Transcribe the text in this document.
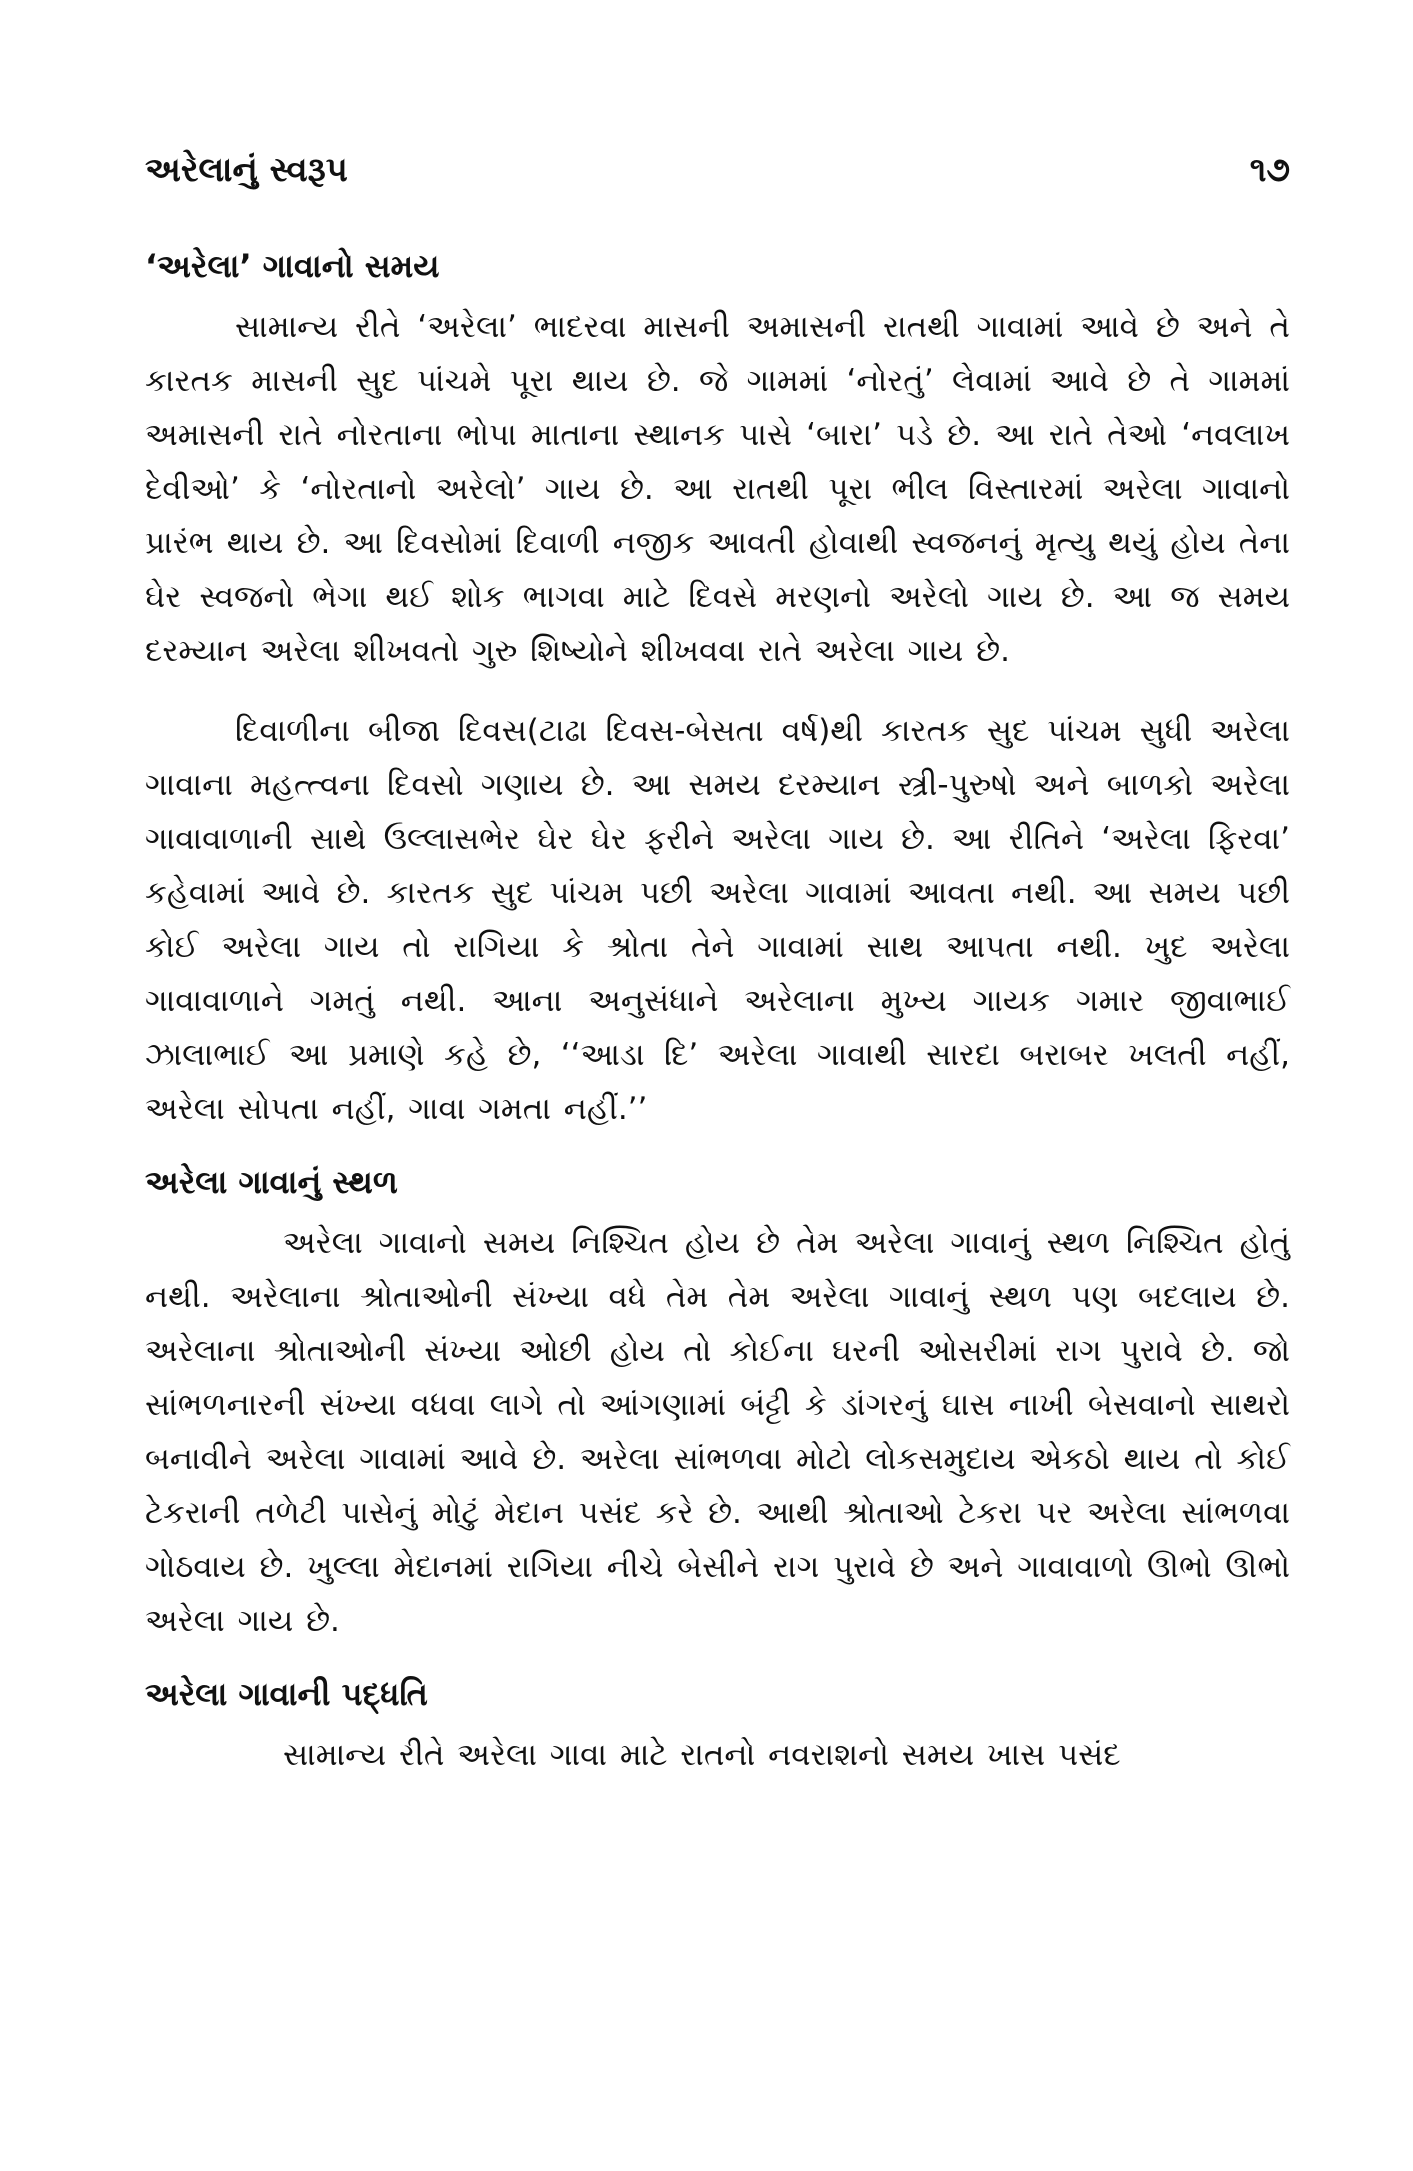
અરેલાનું સ્વરૂપ	૧૭
‘અરેલા’ ગાવાનો સમય

સામાન્ય રીતે ‘અરેલા’ ભાદરવા માસની અમાસની રાતથી ગાવામાં આવે છે અને તે કારતક માસની સુદ પાંચમે પૂરા થાય છે. જે ગામમાં ‘નોરતું’ લેવામાં આવે છે તે ગામમાં અમાસની રાતે નોરતાના ભોપા માતાના સ્થાનક પાસે ‘બારા’ પડે છે. આ રાતે તેઓ ‘નવલાખ દેવીઓ’ કે ‘નોરતાનો અરેલો’ ગાય છે. આ રાતથી પૂરા ભીલ વિસ્તારમાં અરેલા ગાવાનો પ્રારંભ થાય છે. આ દિવસોમાં દિવાળી નજીક આવતી હોવાથી સ્વજનનું મૃત્યુ થયું હોય તેના ઘેર સ્વજનો ભેગા થઈ શોક ભાગવા માટે દિવસે મરણનો અરેલો ગાય છે. આ જ સમય દરમ્યાન અરેલા શીખવતો ગુરુ શિષ્યોને શીખવવા રાતે અરેલા ગાય છે.

દિવાળીના બીજા દિવસ(ટાઢા દિવસ-બેસતા વર્ષ)થી કારતક સુદ પાંચમ સુધી અરેલા ગાવાના મહત્ત્વના દિવસો ગણાય છે. આ સમય દરમ્યાન સ્ત્રી-પુરુષો અને બાળકો અરેલા ગાવાવાળાની સાથે ઉલ્લાસભેર ઘેર ઘેર ફરીને અરેલા ગાય છે. આ રીતિને ‘અરેલા ફિરવા’ કહેવામાં આવે છે. કારતક સુદ પાંચમ પછી અરેલા ગાવામાં આવતા નથી. આ સમય પછી કોઈ અરેલા ગાય તો રાગિયા કે શ્રોતા તેને ગાવામાં સાથ આપતા નથી. ખુદ અરેલા ગાવાવાળાને ગમતું નથી. આના અનુસંધાને અરેલાના મુખ્ય ગાયક ગમાર જીવાભાઈ ઝાલાભાઈ આ પ્રમાણે કહે છે, ‘‘આડા દિ’ અરેલા ગાવાથી સારદા બરાબર ખલતી નહીં, અરેલા સોપતા નહીં, ગાવા ગમતા નહીં.’’

અરેલા ગાવાનું સ્થળ

અરેલા ગાવાનો સમય નિશ્ચિત હોય છે તેમ અરેલા ગાવાનું સ્થળ નિશ્ચિત હોતું નથી. અરેલાના શ્રોતાઓની સંખ્યા વધે તેમ તેમ અરેલા ગાવાનું સ્થળ પણ બદલાય છે. અરેલાના શ્રોતાઓની સંખ્યા ઓછી હોય તો કોઈના ઘરની ઓસરીમાં રાગ પુરાવે છે. જો સાંભળનારની સંખ્યા વધવા લાગે તો આંગણામાં બંટ્ટી કે ડાંગરનું ઘાસ નાખી બેસવાનો સાથરો બનાવીને અરેલા ગાવામાં આવે છે. અરેલા સાંભળવા મોટો લોકસમુદાય એકઠો થાય તો કોઈ ટેકરાની તળેટી પાસેનું મોટું મેદાન પસંદ કરે છે. આથી શ્રોતાઓ ટેકરા પર અરેલા સાંભળવા ગોઠવાય છે. ખુલ્લા મેદાનમાં રાગિયા નીચે બેસીને રાગ પુરાવે છે અને ગાવાવાળો ઊભો ઊભો અરેલા ગાય છે.

અરેલા ગાવાની પદ્ધતિ

સામાન્ય રીતે અરેલા ગાવા માટે રાતનો નવરાશનો સમય ખાસ પસંદ
